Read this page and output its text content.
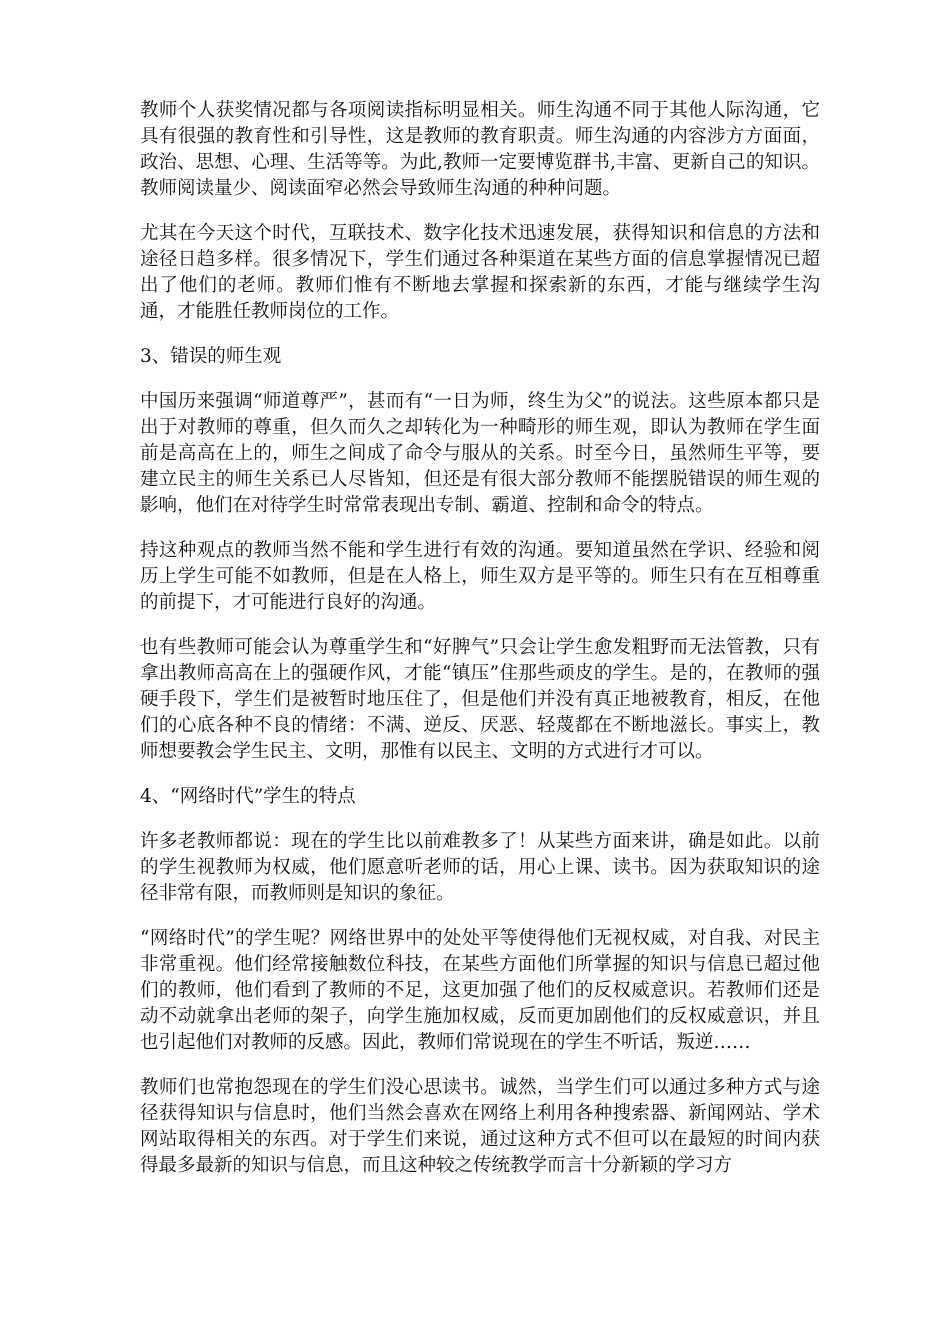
教师个人获奖情况都与各项阅读指标明显相关。师生沟通不同于其他人际沟通，它具有很强的教育性和引导性，这是教师的教育职责。师生沟通的内容涉方方面面，政治、思想、心理、生活等等。为此,教师一定要博览群书,丰富、更新自己的知识。教师阅读量少、阅读面窄必然会导致师生沟通的种种问题。

尤其在今天这个时代，互联技术、数字化技术迅速发展，获得知识和信息的方法和途径日趋多样。很多情况下，学生们通过各种渠道在某些方面的信息掌握情况已超出了他们的老师。教师们惟有不断地去掌握和探索新的东西，才能与继续学生沟通，才能胜任教师岗位的工作。

3、错误的师生观

中国历来强调“师道尊严”，甚而有“一日为师，终生为父”的说法。这些原本都只是出于对教师的尊重，但久而久之却转化为一种畸形的师生观，即认为教师在学生面前是高高在上的，师生之间成了命令与服从的关系。时至今日，虽然师生平等，要建立民主的师生关系已人尽皆知，但还是有很大部分教师不能摆脱错误的师生观的影响，他们在对待学生时常常表现出专制、霸道、控制和命令的特点。

持这种观点的教师当然不能和学生进行有效的沟通。要知道虽然在学识、经验和阅历上学生可能不如教师，但是在人格上，师生双方是平等的。师生只有在互相尊重的前提下，才可能进行良好的沟通。

也有些教师可能会认为尊重学生和“好脾气”只会让学生愈发粗野而无法管教，只有拿出教师高高在上的强硬作风，才能“镇压”住那些顽皮的学生。是的，在教师的强硬手段下，学生们是被暂时地压住了，但是他们并没有真正地被教育，相反，在他们的心底各种不良的情绪：不满、逆反、厌恶、轻蔑都在不断地滋长。事实上，教师想要教会学生民主、文明，那惟有以民主、文明的方式进行才可以。

4、“网络时代”学生的特点

许多老教师都说：现在的学生比以前难教多了！从某些方面来讲，确是如此。以前的学生视教师为权威，他们愿意听老师的话，用心上课、读书。因为获取知识的途径非常有限，而教师则是知识的象征。

“网络时代”的学生呢？网络世界中的处处平等使得他们无视权威，对自我、对民主非常重视。他们经常接触数位科技，在某些方面他们所掌握的知识与信息已超过他们的教师，他们看到了教师的不足，这更加强了他们的反权威意识。若教师们还是动不动就拿出老师的架子，向学生施加权威，反而更加剧他们的反权威意识，并且也引起他们对教师的反感。因此，教师们常说现在的学生不听话，叛逆……

教师们也常抱怨现在的学生们没心思读书。诚然，当学生们可以通过多种方式与途径获得知识与信息时，他们当然会喜欢在网络上利用各种搜索器、新闻网站、学术网站取得相关的东西。对于学生们来说，通过这种方式不但可以在最短的时间内获得最多最新的知识与信息，而且这种较之传统教学而言十分新颖的学习方
